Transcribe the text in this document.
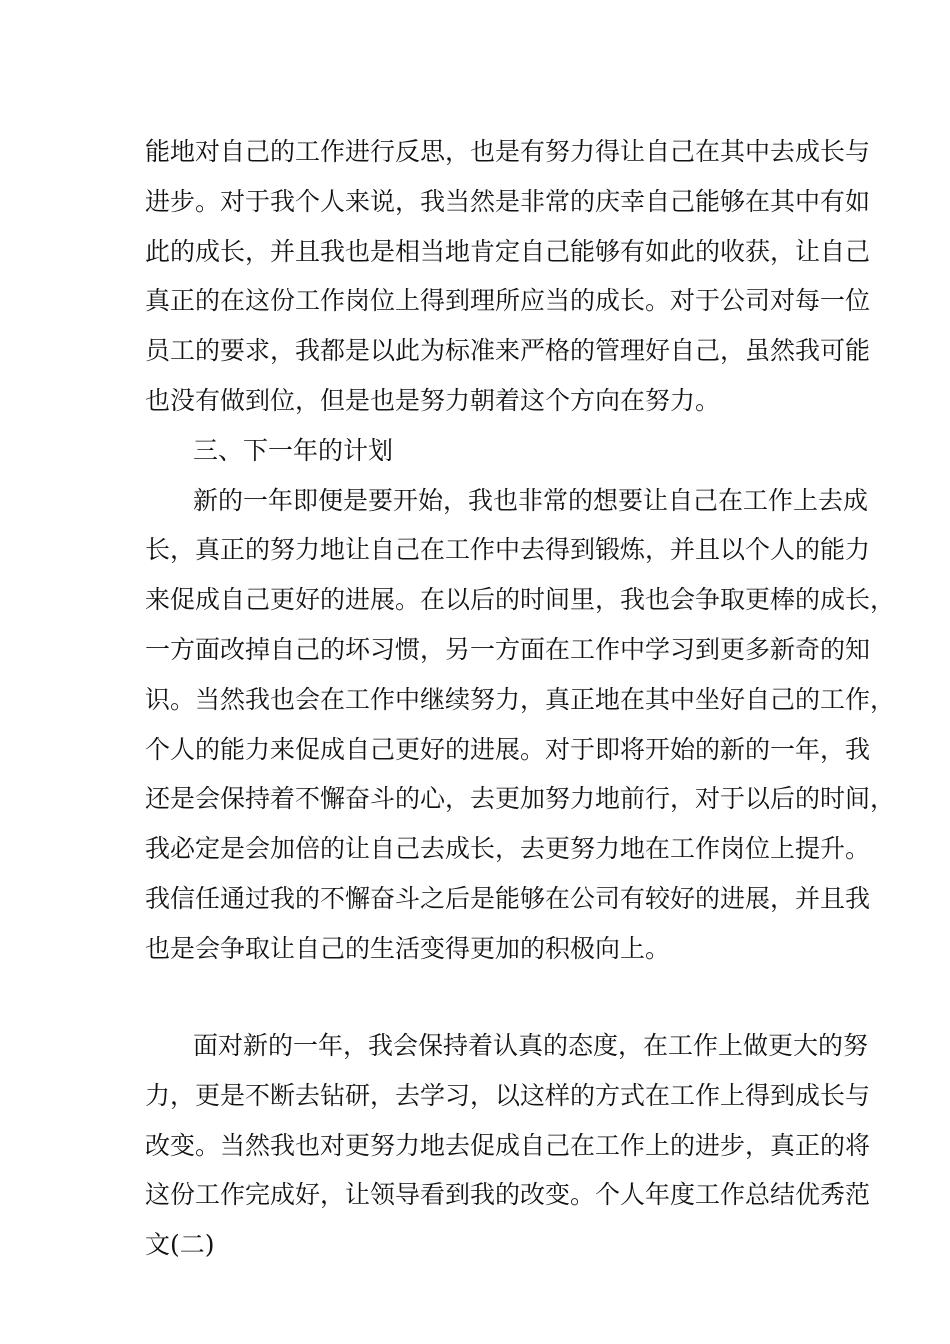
能地对自己的工作进行反思，也是有努力得让自己在其中去成长与
进步。对于我个人来说，我当然是非常的庆幸自己能够在其中有如
此的成长，并且我也是相当地肯定自己能够有如此的收获，让自己
真正的在这份工作岗位上得到理所应当的成长。对于公司对每一位
员工的要求，我都是以此为标准来严格的管理好自己，虽然我可能
也没有做到位，但是也是努力朝着这个方向在努力。
三、下一年的计划
新的一年即便是要开始，我也非常的想要让自己在工作上去成
长，真正的努力地让自己在工作中去得到锻炼，并且以个人的能力
来促成自己更好的进展。在以后的时间里，我也会争取更棒的成长，
一方面改掉自己的坏习惯，另一方面在工作中学习到更多新奇的知
识。当然我也会在工作中继续努力，真正地在其中坐好自己的工作，
个人的能力来促成自己更好的进展。对于即将开始的新的一年，我
还是会保持着不懈奋斗的心，去更加努力地前行，对于以后的时间，
我必定是会加倍的让自己去成长，去更努力地在工作岗位上提升。
我信任通过我的不懈奋斗之后是能够在公司有较好的进展，并且我
也是会争取让自己的生活变得更加的积极向上。
面对新的一年，我会保持着认真的态度，在工作上做更大的努
力，更是不断去钻研，去学习，以这样的方式在工作上得到成长与
改变。当然我也对更努力地去促成自己在工作上的进步，真正的将
这份工作完成好，让领导看到我的改变。个人年度工作总结优秀范
文(二)
